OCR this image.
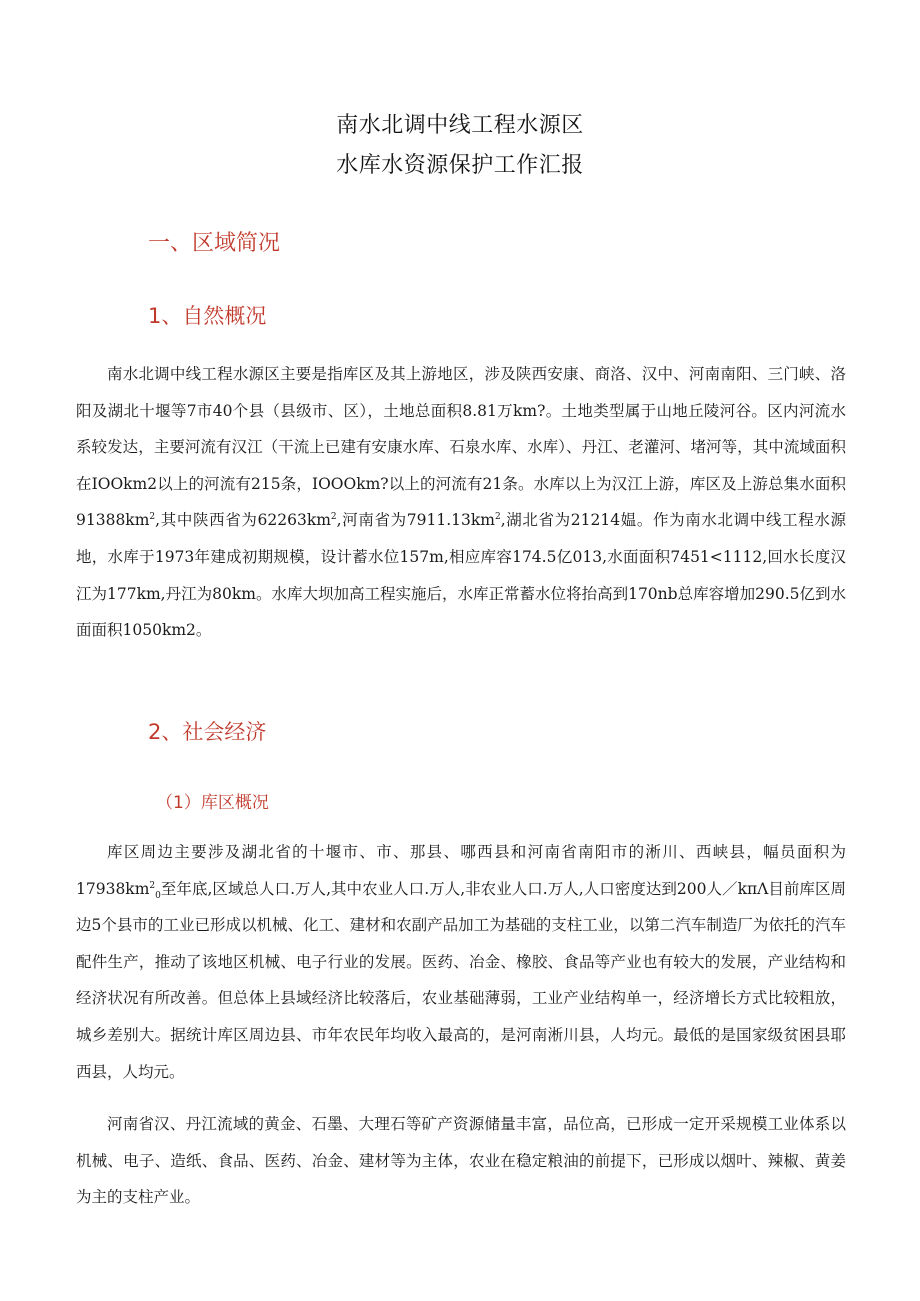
南水北调中线工程水源区
水库水资源保护工作汇报
一、区域简况
1、自然概况

南水北调中线工程水源区主要是指库区及其上游地区，涉及陕西安康、商洛、汉中、河南南阳、三门峡、洛阳及湖北十堰等7市40个县（县级市、区），土地总面积8.81万km?。土地类型属于山地丘陵河谷。区内河流水系较发达，主要河流有汉江（干流上已建有安康水库、石泉水库、水库）、丹江、老灌河、堵河等，其中流域面积在IOOkm2以上的河流有215条，IOOOkm?以上的河流有21条。水库以上为汉江上游，库区及上游总集水面积$91388km^2$,其中陕西省为$62263km^2$,河南省为$7911.13km^2$,湖北省为21214媪。作为南水北调中线工程水源地，水库于1973年建成初期规模，设计蓄水位157m,相应库容174.5亿013,水面面积7451<1112,回水长度汉江为177km,丹江为80km。水库大坝加高工程实施后，水库正常蓄水位将抬高到170nb总库容增加290.5亿到水面面积1050km2。

2、社会经济
（1）库区概况

库区周边主要涉及湖北省的十堰市、市、那县、哪西县和河南省南阳市的淅川、西峡县，幅员面积为$17938km^2_0$至年底,区域总人口.万人,其中农业人口.万人,非农业人口.万人,人口密度达到200人／kπΛ目前库区周边5个县市的工业已形成以机械、化工、建材和农副产品加工为基础的支柱工业，以第二汽车制造厂为依托的汽车配件生产，推动了该地区机械、电子行业的发展。医药、冶金、橡胶、食品等产业也有较大的发展，产业结构和经济状况有所改善。但总体上县域经济比较落后，农业基础薄弱，工业产业结构单一，经济增长方式比较粗放，城乡差别大。据统计库区周边县、市年农民年均收入最高的，是河南淅川县，人均元。最低的是国家级贫困县耶西县，人均元。

河南省汉、丹江流域的黄金、石墨、大理石等矿产资源储量丰富，品位高，已形成一定开采规模工业体系以机械、电子、造纸、食品、医药、冶金、建材等为主体，农业在稳定粮油的前提下，已形成以烟叶、辣椒、黄姜为主的支柱产业。
